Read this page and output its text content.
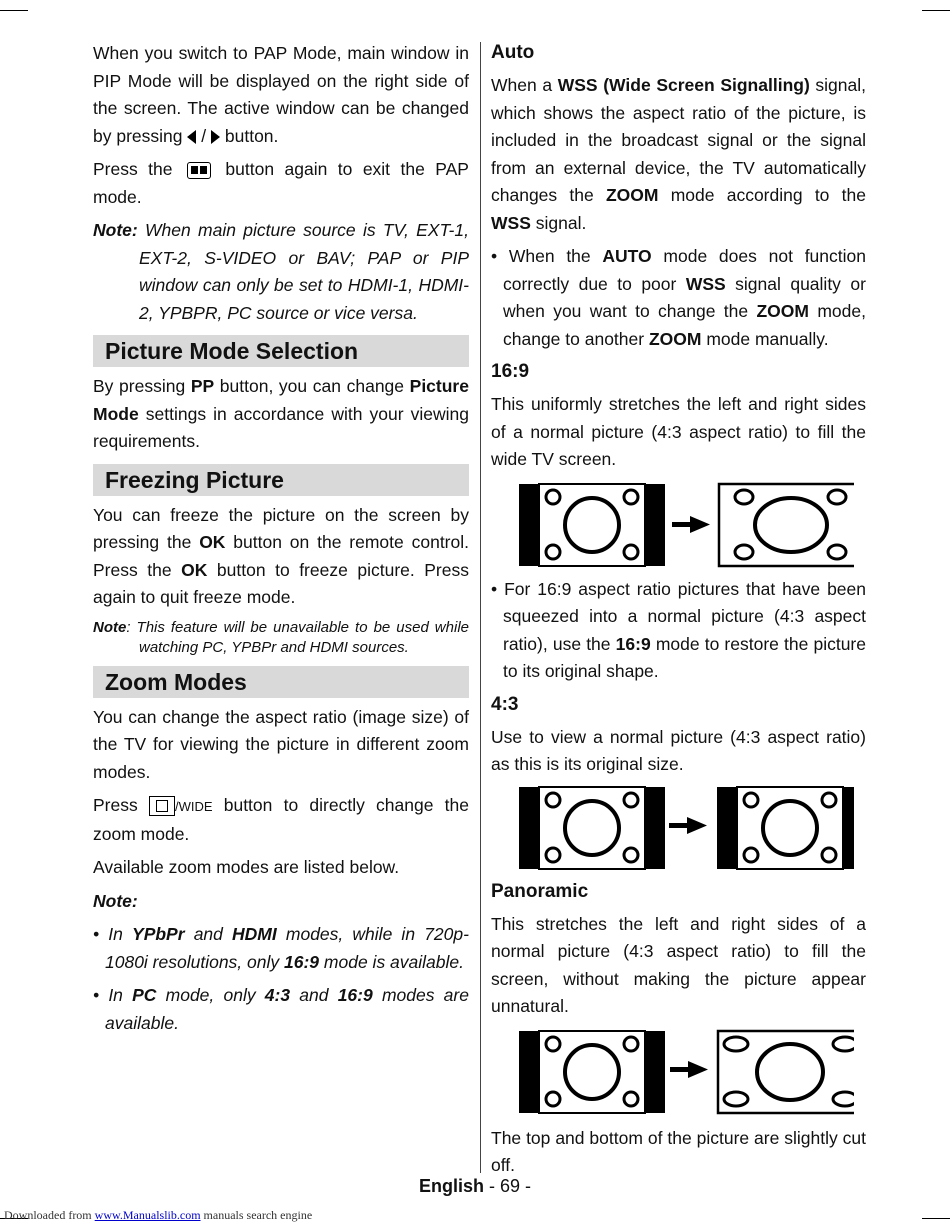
When you switch to PAP Mode, main window in PIP Mode will be displayed on the right side of the screen. The active window can be changed by pressing / button.

Press the	button again to exit the PAP mode.

Note: When main picture source is TV, EXT-1, EXT-2, S-VIDEO or BAV; PAP or PIP window can only be set to HDMI-1, HDMI-2, YPBPR, PC source or vice versa.

Picture Mode Selection

By pressing PP button, you can change Picture Mode settings in accordance with your viewing requirements.

Freezing Picture

You can freeze the picture on the screen by pressing the OK button on the remote control. Press the OK button to freeze picture. Press again to quit freeze mode.

Note: This feature will be unavailable to be used while watching PC, YPBPr and HDMI sources.

Zoom Modes

You can change the aspect ratio (image size) of the TV for viewing the picture in different zoom modes.

Press	/WIDE button to directly change the zoom mode.

Available zoom modes are listed below.

Note:

• In YPbPr and HDMI modes, while in 720p-1080i resolutions, only 16:9 mode is available.

• In PC mode, only 4:3 and 16:9 modes are available.

Auto

When a WSS (Wide Screen Signalling) signal, which shows the aspect ratio of the picture, is included in the broadcast signal or the signal from an external device, the TV automatically changes the ZOOM mode according to the WSS signal.

• When the AUTO mode does not function correctly due to poor WSS signal quality or when you want to change the ZOOM mode, change to another ZOOM mode manually.

16:9

This uniformly stretches the left and right sides of a normal picture (4:3 aspect ratio) to fill the wide TV screen.

• For 16:9 aspect ratio pictures that have been squeezed into a normal picture (4:3 aspect ratio), use the 16:9 mode to restore the picture to its original shape.

4:3

Use to view a normal picture (4:3 aspect ratio) as this is its original size.

Panoramic

This stretches the left and right sides of a normal picture (4:3 aspect ratio) to fill the screen, without making the picture appear unnatural.

The top and bottom of the picture are slightly cut off.

English - 69 -
Downloaded from www.Manualslib.com manuals search engine
